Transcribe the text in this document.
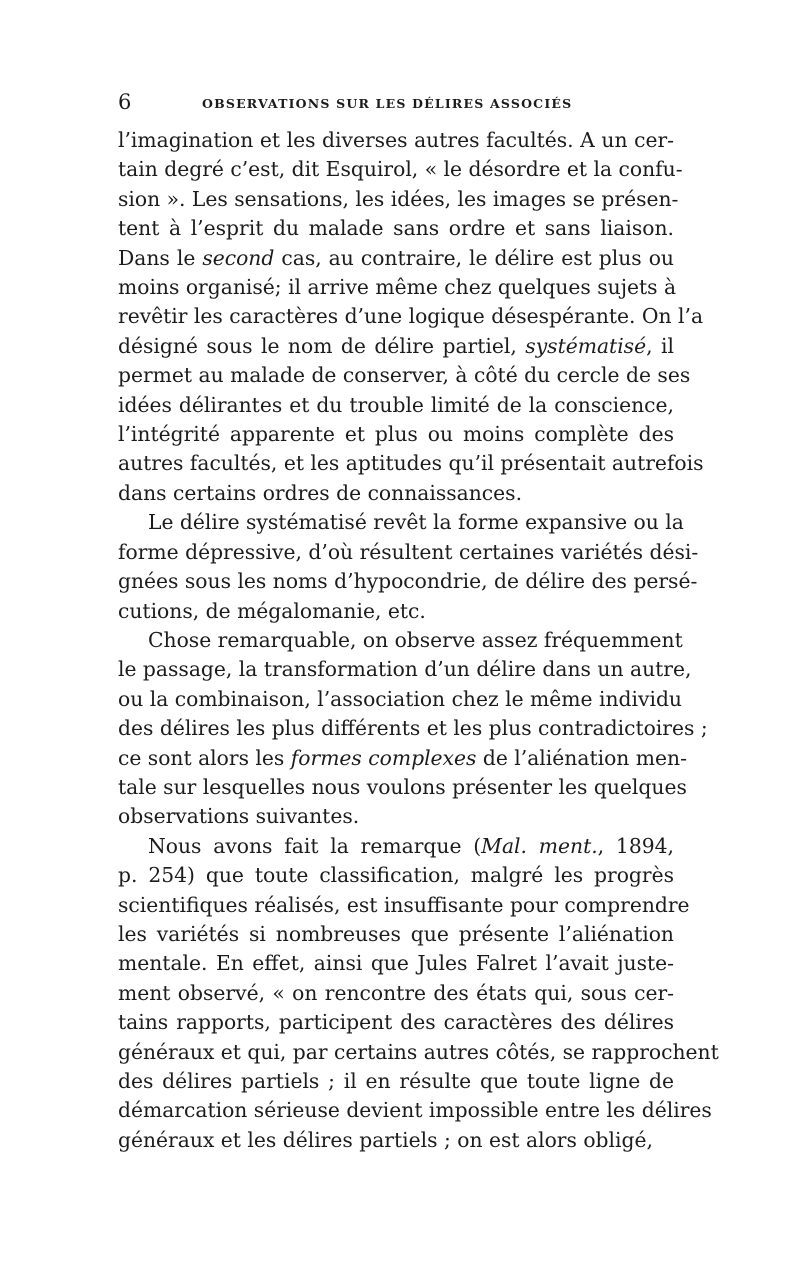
6	OBSERVATIONS SUR LES DÉLIRES ASSOCIÉS

l’imagination et les diverses autres facultés. A un cer-
tain degré c’est, dit Esquirol, « le désordre et la confu-
sion ». Les sensations, les idées, les images se présen-
tent à l’esprit du malade sans ordre et sans liaison.
Dans le second cas, au contraire, le délire est plus ou
moins organisé; il arrive même chez quelques sujets à
revêtir les caractères d’une logique désespérante. On l’a
désigné sous le nom de délire partiel, systématisé, il
permet au malade de conserver, à côté du cercle de ses
idées délirantes et du trouble limité de la conscience,
l’intégrité apparente et plus ou moins complète des
autres facultés, et les aptitudes qu’il présentait autrefois
dans certains ordres de connaissances.

Le délire systématisé revêt la forme expansive ou la
forme dépressive, d’où résultent certaines variétés dési-
gnées sous les noms d’hypocondrie, de délire des persé-
cutions, de mégalomanie, etc.

Chose remarquable, on observe assez fréquemment
le passage, la transformation d’un délire dans un autre,
ou la combinaison, l’association chez le même individu
des délires les plus différents et les plus contradictoires ;
ce sont alors les formes complexes de l’aliénation men-
tale sur lesquelles nous voulons présenter les quelques
observations suivantes.

Nous avons fait la remarque (Mal. ment., 1894,
p. 254) que toute classification, malgré les progrès
scientifiques réalisés, est insuffisante pour comprendre
les variétés si nombreuses que présente l’aliénation
mentale. En effet, ainsi que Jules Falret l’avait juste-
ment observé, « on rencontre des états qui, sous cer-
tains rapports, participent des caractères des délires
généraux et qui, par certains autres côtés, se rapprochent
des délires partiels ; il en résulte que toute ligne de
démarcation sérieuse devient impossible entre les délires
généraux et les délires partiels ; on est alors obligé,
